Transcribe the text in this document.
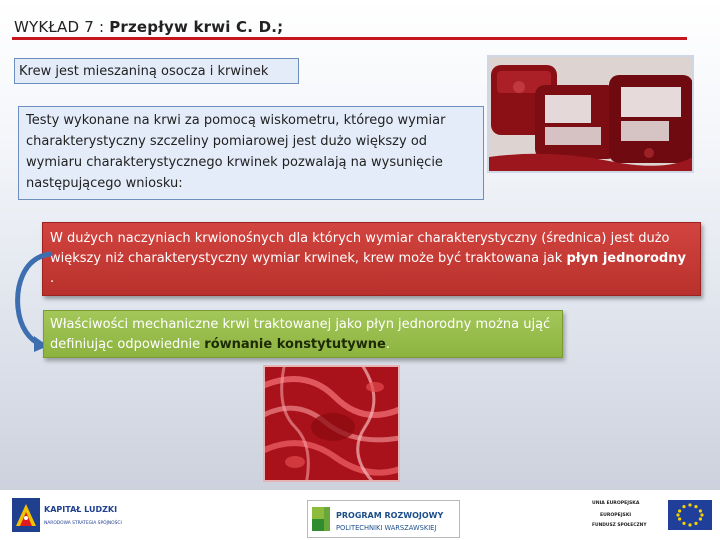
WYKŁAD 7 : Przepływ krwi C. D.;
Krew jest mieszaniną osocza i krwinek
Testy wykonane na krwi za pomocą wiskometru, którego wymiar charakterystyczny szczeliny pomiarowej jest dużo większy od wymiaru charakterystycznego krwinek pozwalają na wysunięcie następującego wniosku:
W dużych naczyniach krwionośnych dla których wymiar charakterystyczny (średnica) jest dużo większy niż charakterystyczny wymiar krwinek, krew może być traktowana jak płyn jednorodny .
Właściwości mechaniczne krwi traktowanej jako płyn jednorodny można ująć definiując odpowiednie równanie konstytutywne.
KAPITAŁ LUDZKI
NARODOWA STRATEGIA SPÓJNOŚCI
PROGRAM ROZWOJOWY
POLITECHNIKI WARSZAWSKIEJ
UNIA EUROPEJSKA
EUROPEJSKI
FUNDUSZ SPOŁECZNY
